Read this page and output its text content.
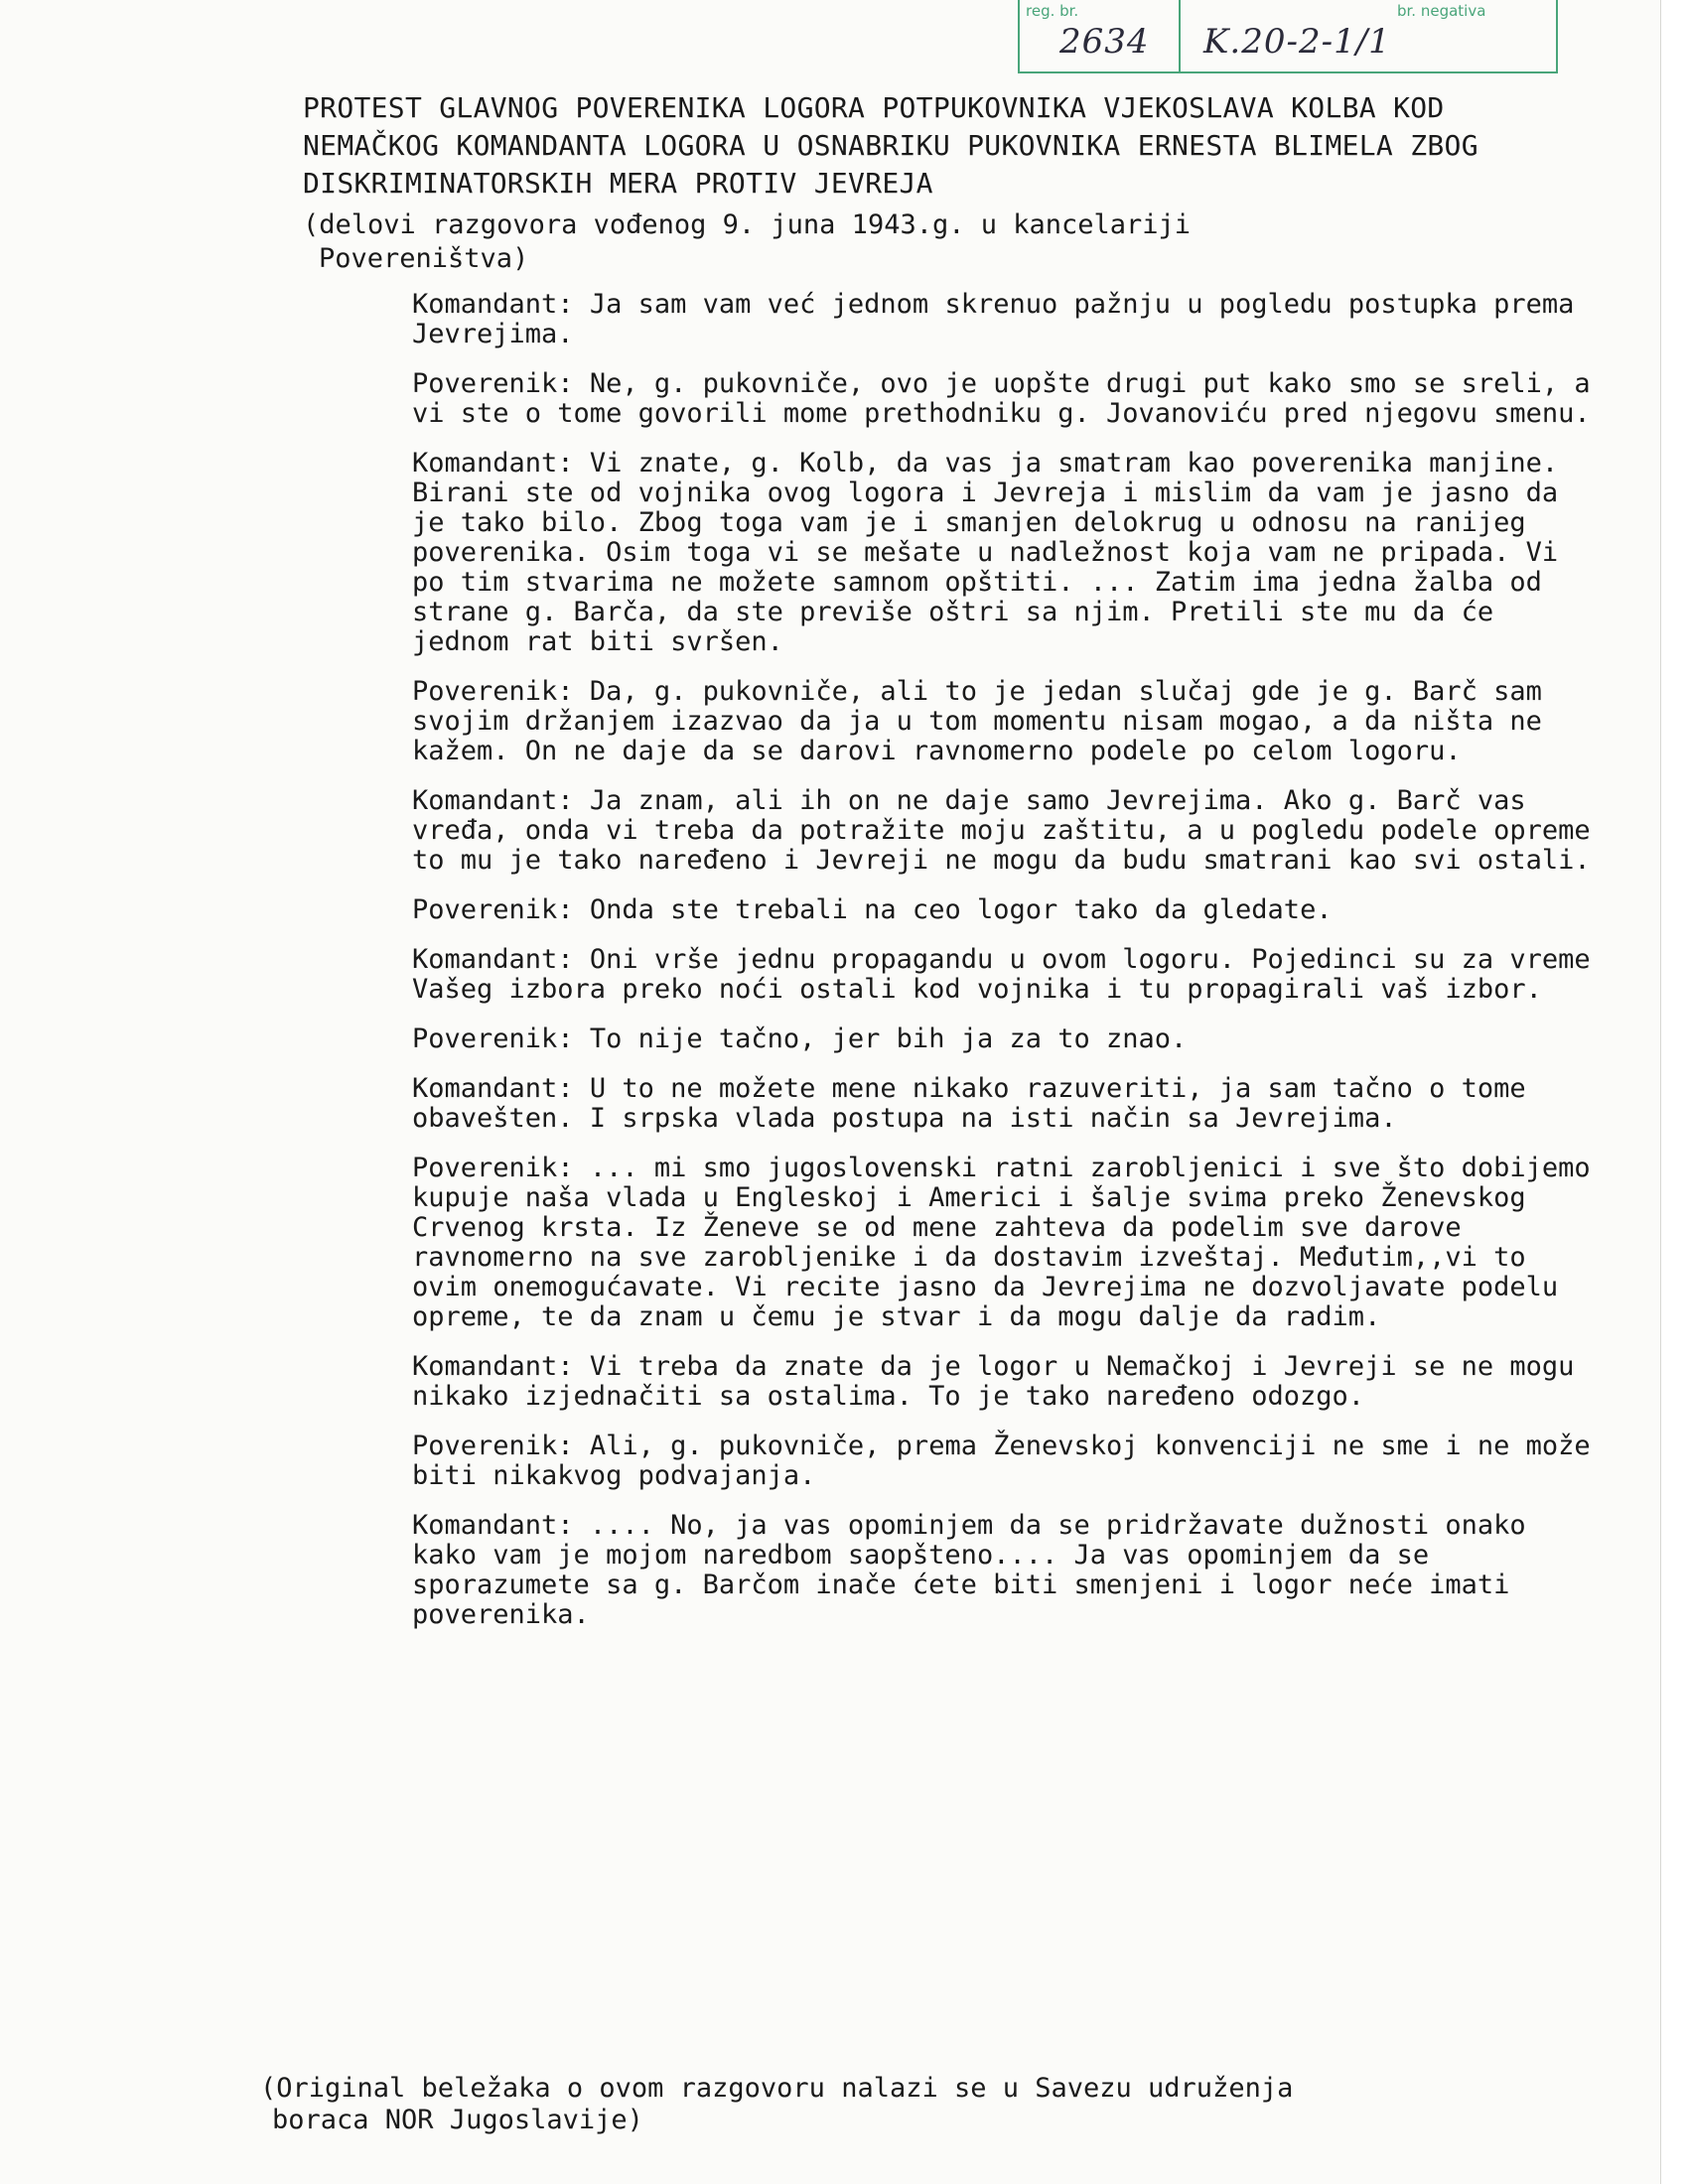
reg. br.	br. negativa
2634 K.20-2-1/1
PROTEST GLAVNOG POVERENIKA LOGORA POTPUKOVNIKA VJEKOSLAVA KOLBA KOD NEMAČKOG KOMANDANTA LOGORA U OSNABRIKU PUKOVNIKA ERNESTA BLIMELA ZBOG DISKRIMINATORSKIH MERA PROTIV JEVREJA
(delovi razgovora vođenog 9. juna 1943.g. u kancelariji
Povereništva)
Komandant : Ja sam vam već jednom skrenuo pažnju u pogledu postupka prema Jevrejima.
Poverenik : Ne, g. pukovniče, ovo je uopšte drugi put kako smo se sreli, a vi ste o tome govorili mome prethodniku g. Jovanoviću pred njegovu smenu.
Komandant : Vi znate, g. Kolb, da vas ja smatram kao poverenika manjine. Birani ste od vojnika ovog logora i Jevreja i mislim da vam je jasno da je tako bilo. Zbog toga vam je i smanjen delokrug u odnosu na ranijeg poverenika. Osim toga vi se mešate u nadležnost koja vam ne pripada. Vi po tim stvarima ne možete samnom opštiti. ... Zatim ima jedna žalba od strane g. Barča, da ste previše oštri sa njim. Pretili ste mu da će jednom rat biti svršen.
Poverenik : Da, g. pukovniče, ali to je jedan slučaj gde je g. Barč sam svojim držanjem izazvao da ja u tom momentu nisam mogao, a da ništa ne kažem. On ne daje da se darovi ravnomerno podele po celom logoru.
Komandant : Ja znam, ali ih on ne daje samo Jevrejima. Ako g. Barč vas vređa, onda vi treba da potražite moju zaštitu, a u pogledu podele opreme to mu je tako naređeno i Jevreji ne mogu da budu smatrani kao svi ostali.
Poverenik : Onda ste trebali na ceo logor tako da gledate.
Komandant : Oni vrše jednu propagandu u ovom logoru. Pojedinci su za vreme Vašeg izbora preko noći ostali kod vojnika i tu propagirali vaš izbor.
Poverenik : To nije tačno, jer bih ja za to znao.
Komandant : U to ne možete mene nikako razuveriti, ja sam tačno o tome obavešten. I srpska vlada postupa na isti način sa Jevrejima.
Poverenik : ... mi smo jugoslovenski ratni zarobljenici i sve što dobijemo kupuje naša vlada u Engleskoj i Americi i šalje svima preko Ženevskog Crvenog krsta. Iz Ženeve se od mene zahteva da podelim sve darove ravnomerno na sve zarobljenike i da dostavim izveštaj. Međutim,,vi to ovim onemogućavate. Vi recite jasno da Jevrejima ne dozvoljavate podelu opreme, te da znam u čemu je stvar i da mogu dalje da radim.
Komandant : Vi treba da znate da je logor u Nemačkoj i Jevreji se ne mogu nikako izjednačiti sa ostalima. To je tako naređeno odozgo.
Poverenik : Ali, g. pukovniče, prema Ženevskoj konvenciji ne sme i ne može biti nikakvog podvajanja.
Komandant : .... No, ja vas opominjem da se pridržavate dužnosti onako kako vam je mojom naredbom saopšteno.... Ja vas opominjem da se sporazumete sa g. Barčom inače ćete biti smenjeni i logor neće imati poverenika.
(Original beležaka o ovom razgovoru nalazi se u Savezu udruženja
boraca NOR Jugoslavije)
